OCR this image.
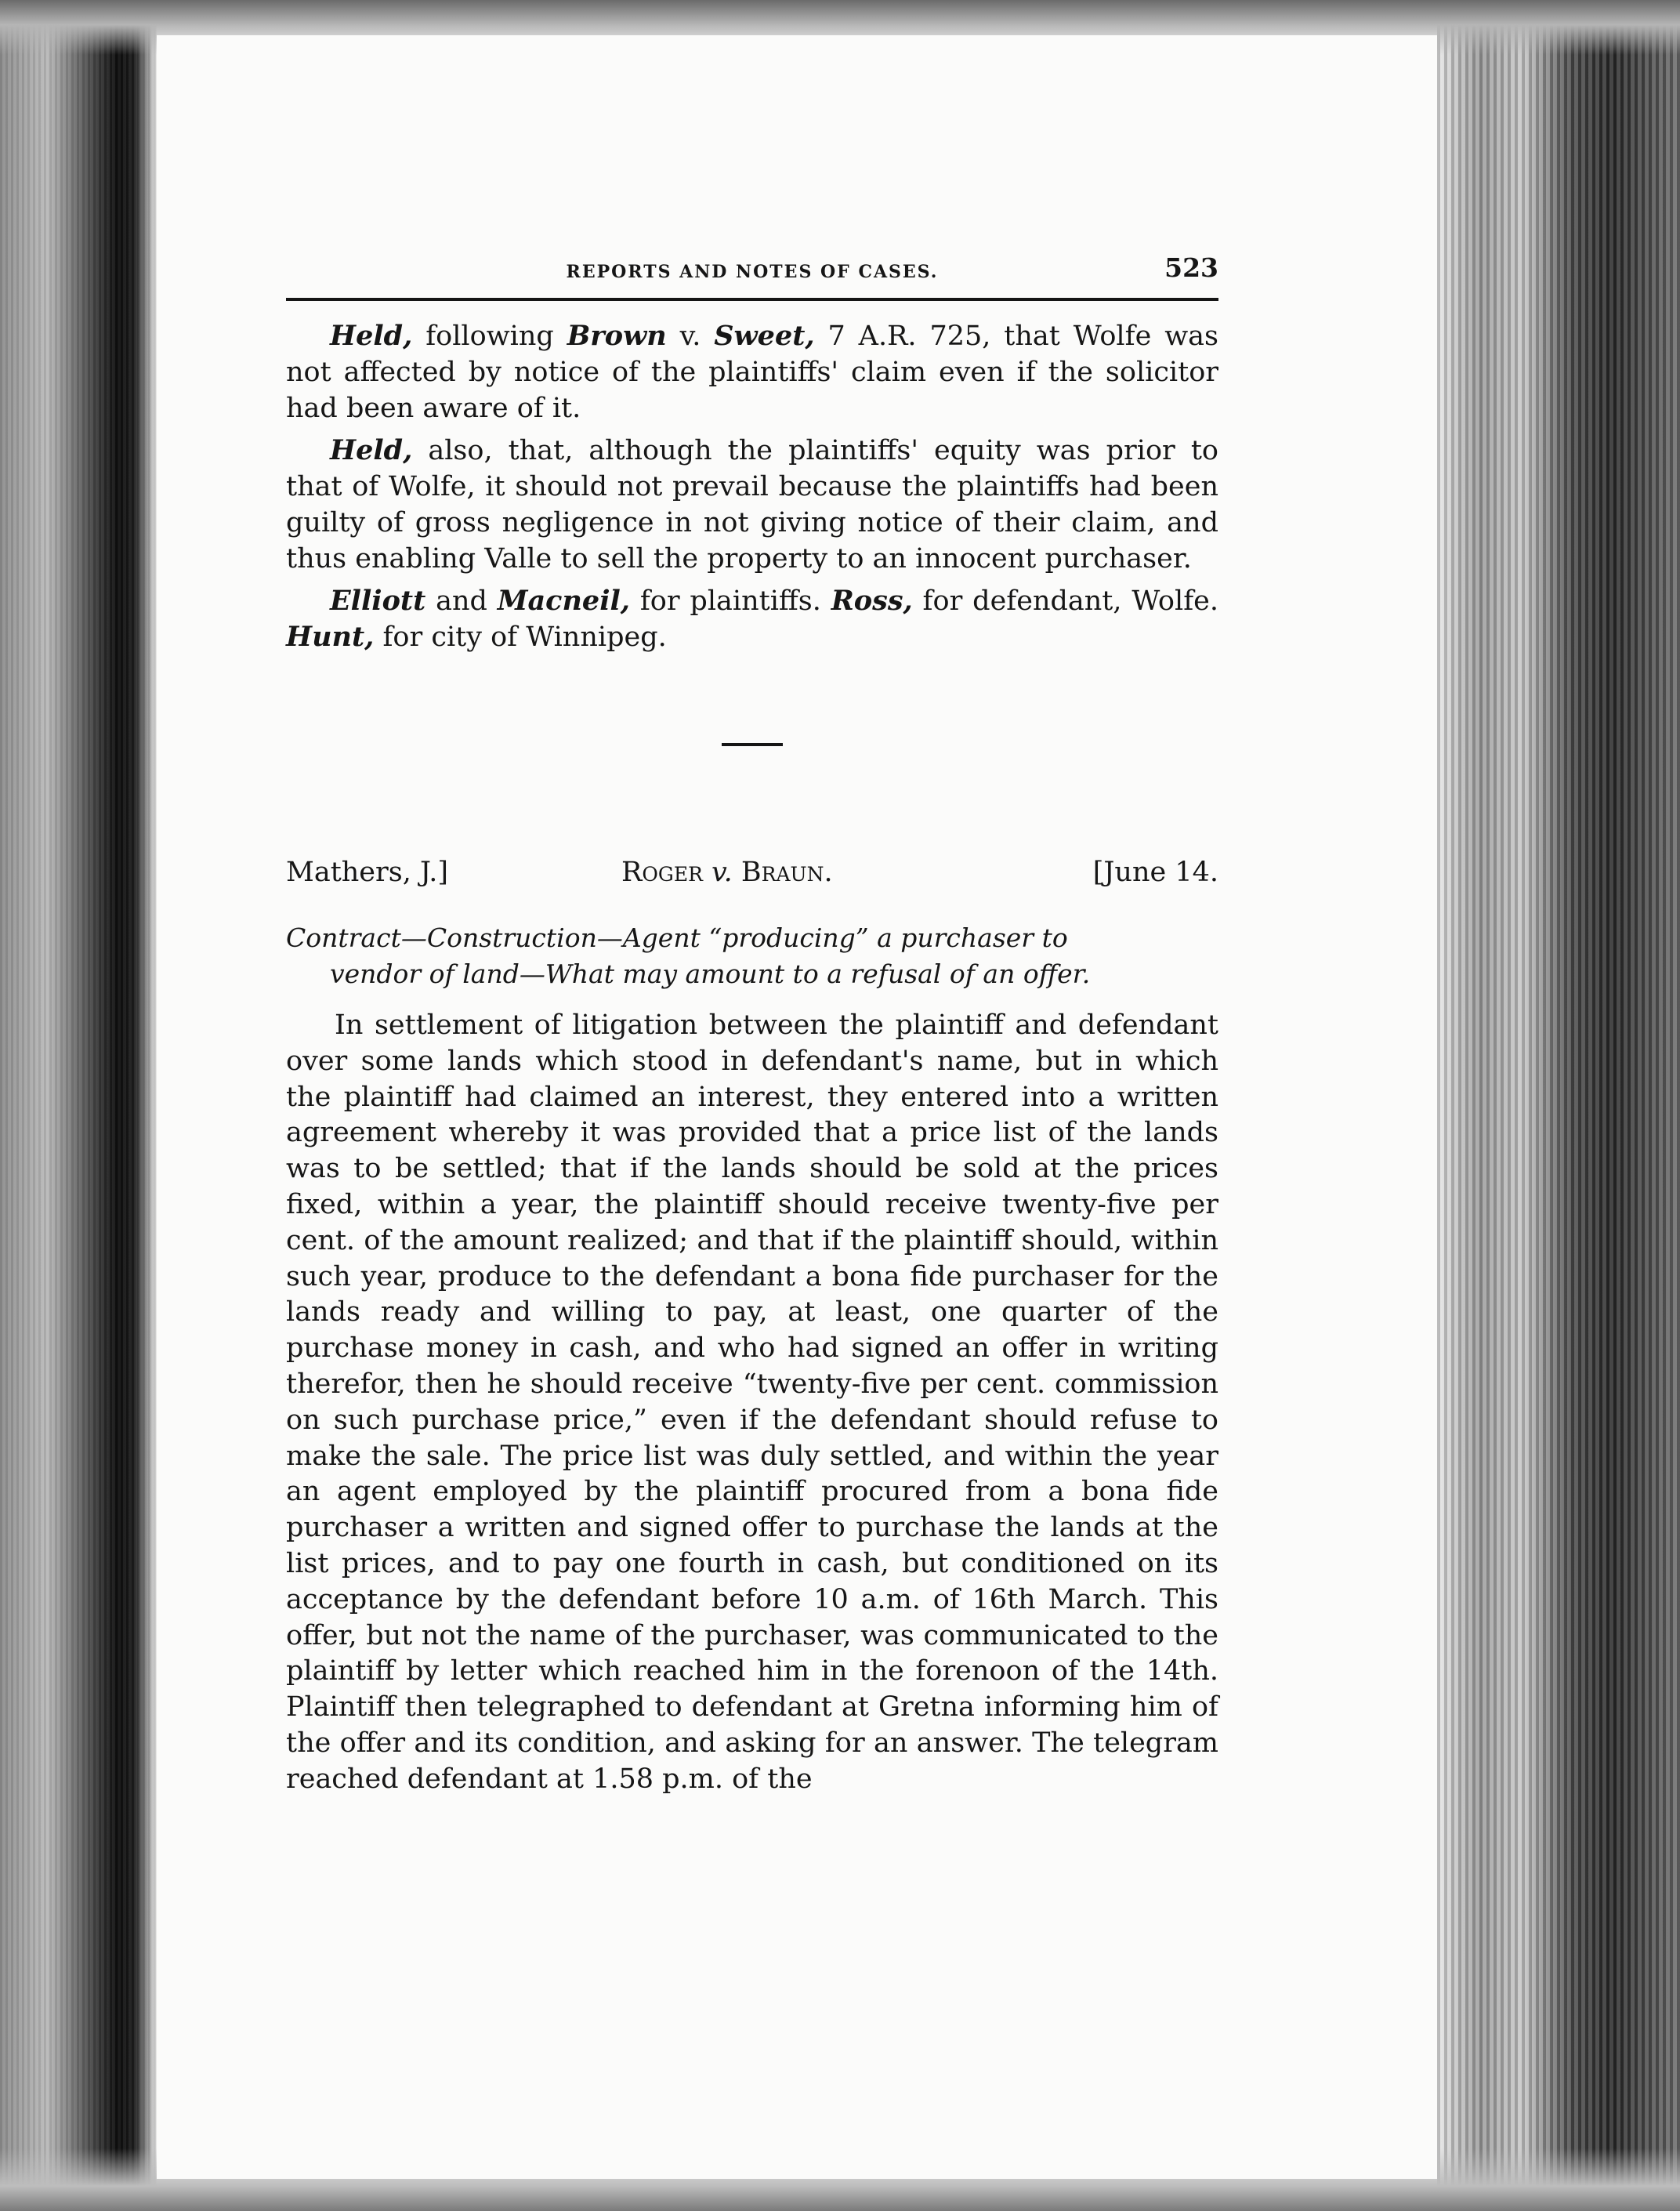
REPORTS AND NOTES OF CASES.	523

Held, following Brown v. Sweet, 7 A.R. 725, that Wolfe was not affected by notice of the plaintiffs' claim even if the solicitor had been aware of it.

Held, also, that, although the plaintiffs' equity was prior to that of Wolfe, it should not prevail because the plaintiffs had been guilty of gross negligence in not giving notice of their claim, and thus enabling Valle to sell the property to an innocent purchaser.

Elliott and Macneil, for plaintiffs. Ross, for defendant, Wolfe. Hunt, for city of Winnipeg.

Mathers, J.]	Roger v. Braun.	[June 14.
Contract—Construction—Agent “producing” a purchaser to
vendor of land—What may amount to a refusal of an offer.

In settlement of litigation between the plaintiff and defendant over some lands which stood in defendant's name, but in which the plaintiff had claimed an interest, they entered into a written agreement whereby it was provided that a price list of the lands was to be settled; that if the lands should be sold at the prices fixed, within a year, the plaintiff should receive twenty-five per cent. of the amount realized; and that if the plaintiff should, within such year, produce to the defendant a bona fide purchaser for the lands ready and willing to pay, at least, one quarter of the purchase money in cash, and who had signed an offer in writing therefor, then he should receive “twenty-five per cent. commission on such purchase price,” even if the defendant should refuse to make the sale. The price list was duly settled, and within the year an agent employed by the plaintiff procured from a bona fide purchaser a written and signed offer to purchase the lands at the list prices, and to pay one fourth in cash, but conditioned on its acceptance by the defendant before 10 a.m. of 16th March. This offer, but not the name of the purchaser, was communicated to the plaintiff by letter which reached him in the forenoon of the 14th. Plaintiff then telegraphed to defendant at Gretna informing him of the offer and its condition, and asking for an answer. The telegram reached defendant at 1.58 p.m. of the
